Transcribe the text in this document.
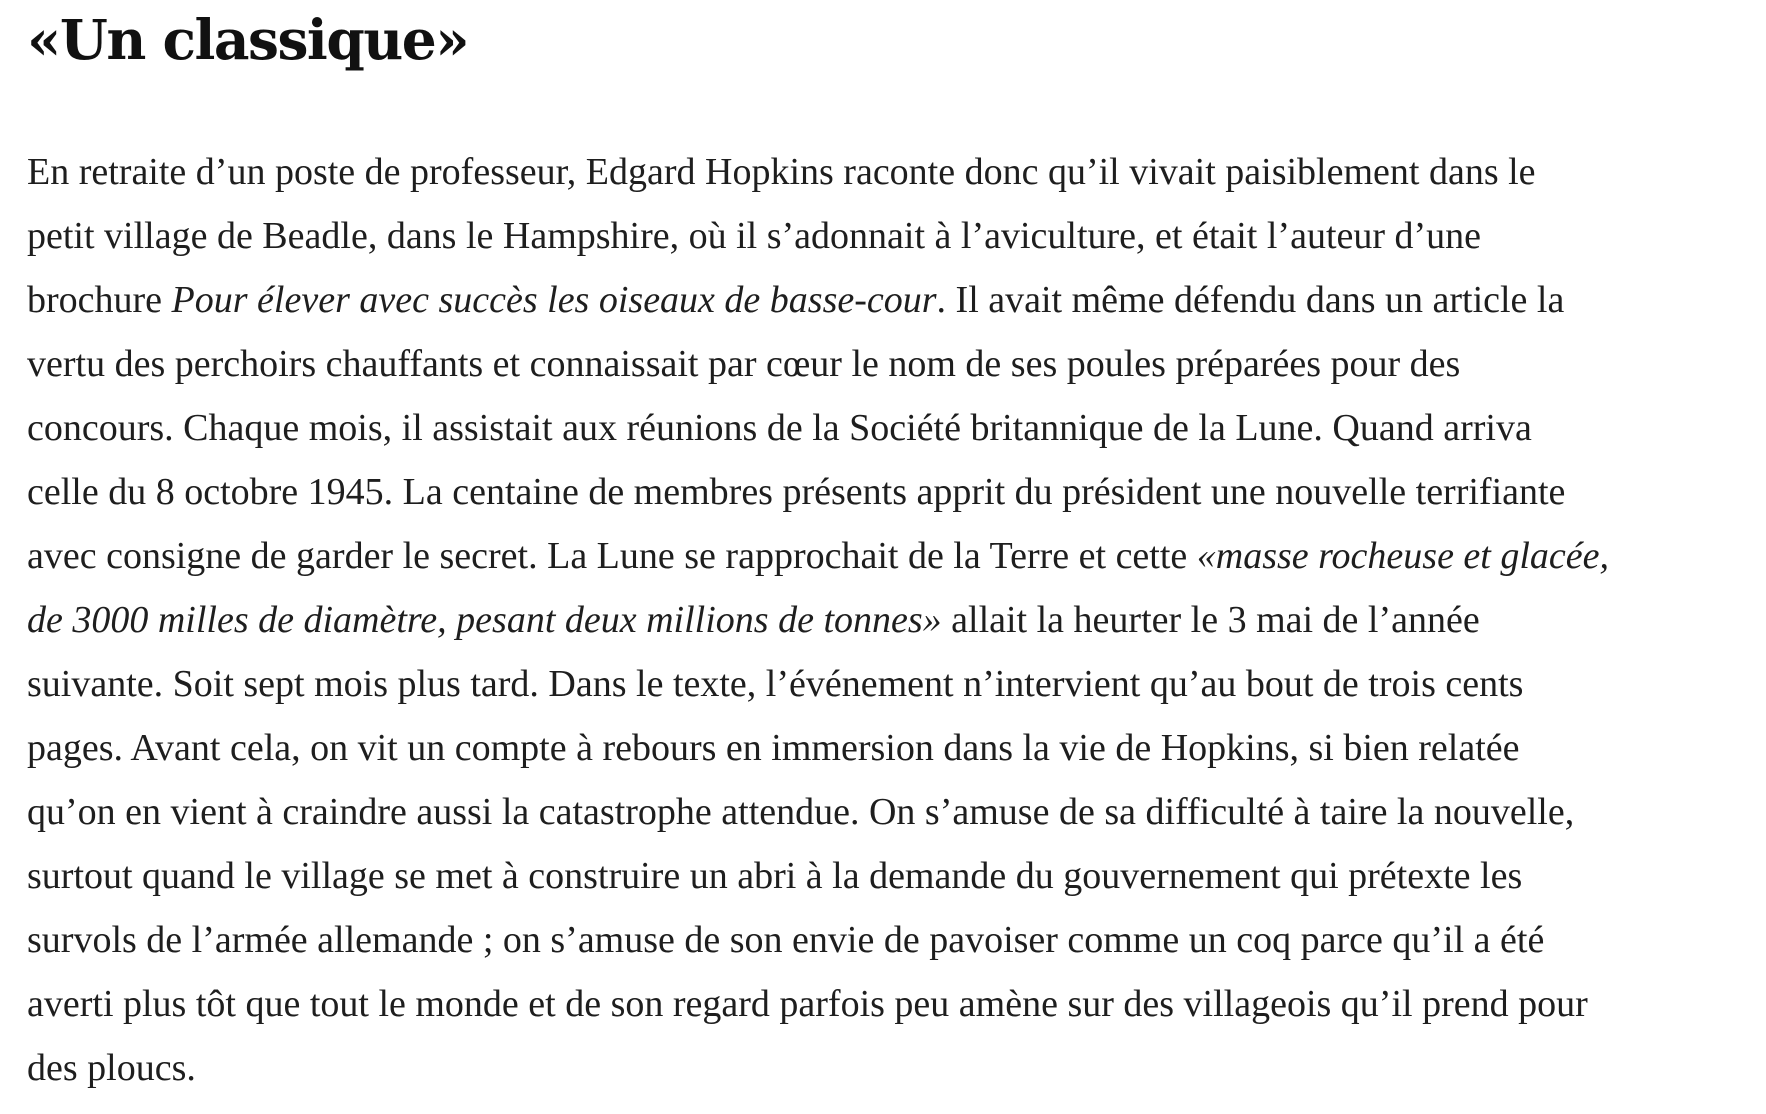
«Un classique»

En retraite d’un poste de professeur, Edgard Hopkins raconte donc qu’il vivait paisiblement dans le
petit village de Beadle, dans le Hampshire, où il s’adonnait à l’aviculture, et était l’auteur d’une
brochure Pour élever avec succès les oiseaux de basse-cour. Il avait même défendu dans un article la
vertu des perchoirs chauffants et connaissait par cœur le nom de ses poules préparées pour des
concours. Chaque mois, il assistait aux réunions de la Société britannique de la Lune. Quand arriva
celle du 8 octobre 1945. La centaine de membres présents apprit du président une nouvelle terrifiante
avec consigne de garder le secret. La Lune se rapprochait de la Terre et cette «masse rocheuse et glacée,
de 3000 milles de diamètre, pesant deux millions de tonnes» allait la heurter le 3 mai de l’année
suivante. Soit sept mois plus tard. Dans le texte, l’événement n’intervient qu’au bout de trois cents
pages. Avant cela, on vit un compte à rebours en immersion dans la vie de Hopkins, si bien relatée
qu’on en vient à craindre aussi la catastrophe attendue. On s’amuse de sa difficulté à taire la nouvelle,
surtout quand le village se met à construire un abri à la demande du gouvernement qui prétexte les
survols de l’armée allemande ; on s’amuse de son envie de pavoiser comme un coq parce qu’il a été
averti plus tôt que tout le monde et de son regard parfois peu amène sur des villageois qu’il prend pour
des ploucs.
